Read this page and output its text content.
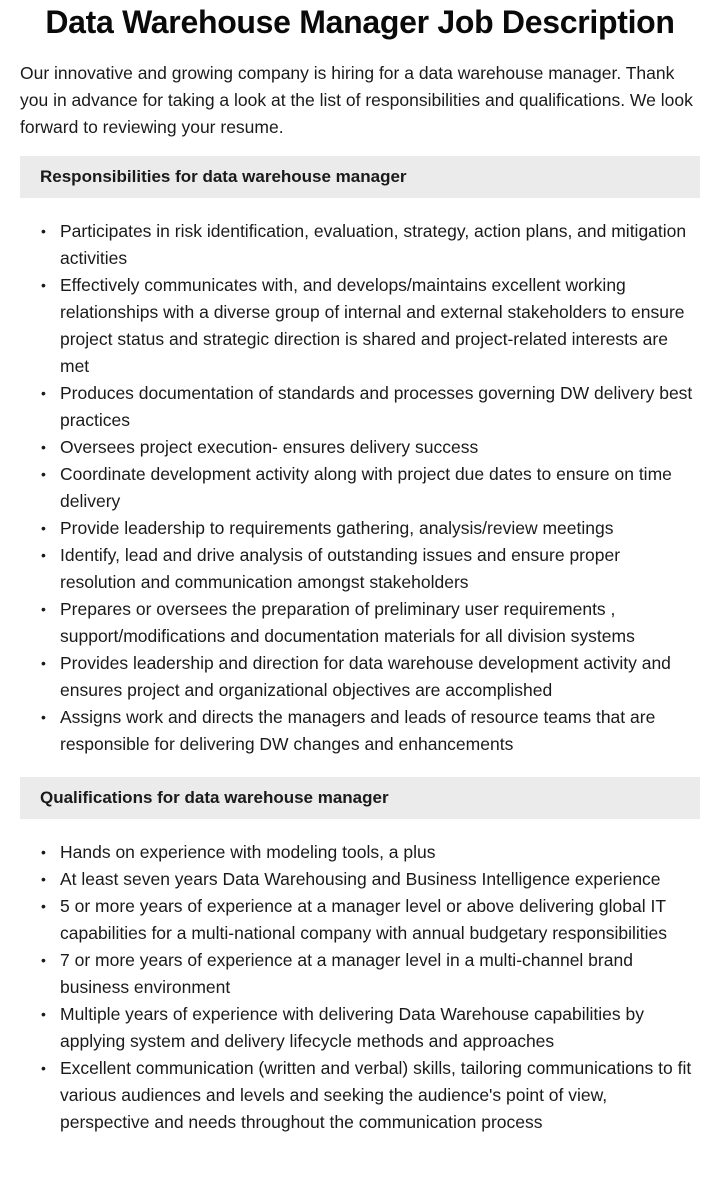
Data Warehouse Manager Job Description

Our innovative and growing company is hiring for a data warehouse manager. Thank you in advance for taking a look at the list of responsibilities and qualifications. We look forward to reviewing your resume.

Responsibilities for data warehouse manager
• Participates in risk identification, evaluation, strategy, action plans, and mitigation activities
• Effectively communicates with, and develops/maintains excellent working relationships with a diverse group of internal and external stakeholders to ensure project status and strategic direction is shared and project-related interests are met
• Produces documentation of standards and processes governing DW delivery best practices
• Oversees project execution- ensures delivery success
• Coordinate development activity along with project due dates to ensure on time delivery
• Provide leadership to requirements gathering, analysis/review meetings
• Identify, lead and drive analysis of outstanding issues and ensure proper resolution and communication amongst stakeholders
• Prepares or oversees the preparation of preliminary user requirements , support/modifications and documentation materials for all division systems
• Provides leadership and direction for data warehouse development activity and ensures project and organizational objectives are accomplished
• Assigns work and directs the managers and leads of resource teams that are responsible for delivering DW changes and enhancements
Qualifications for data warehouse manager
• Hands on experience with modeling tools, a plus
• At least seven years Data Warehousing and Business Intelligence experience
• 5 or more years of experience at a manager level or above delivering global IT capabilities for a multi-national company with annual budgetary responsibilities
• 7 or more years of experience at a manager level in a multi-channel brand business environment
• Multiple years of experience with delivering Data Warehouse capabilities by applying system and delivery lifecycle methods and approaches
• Excellent communication (written and verbal) skills, tailoring communications to fit various audiences and levels and seeking the audience's point of view, perspective and needs throughout the communication process
